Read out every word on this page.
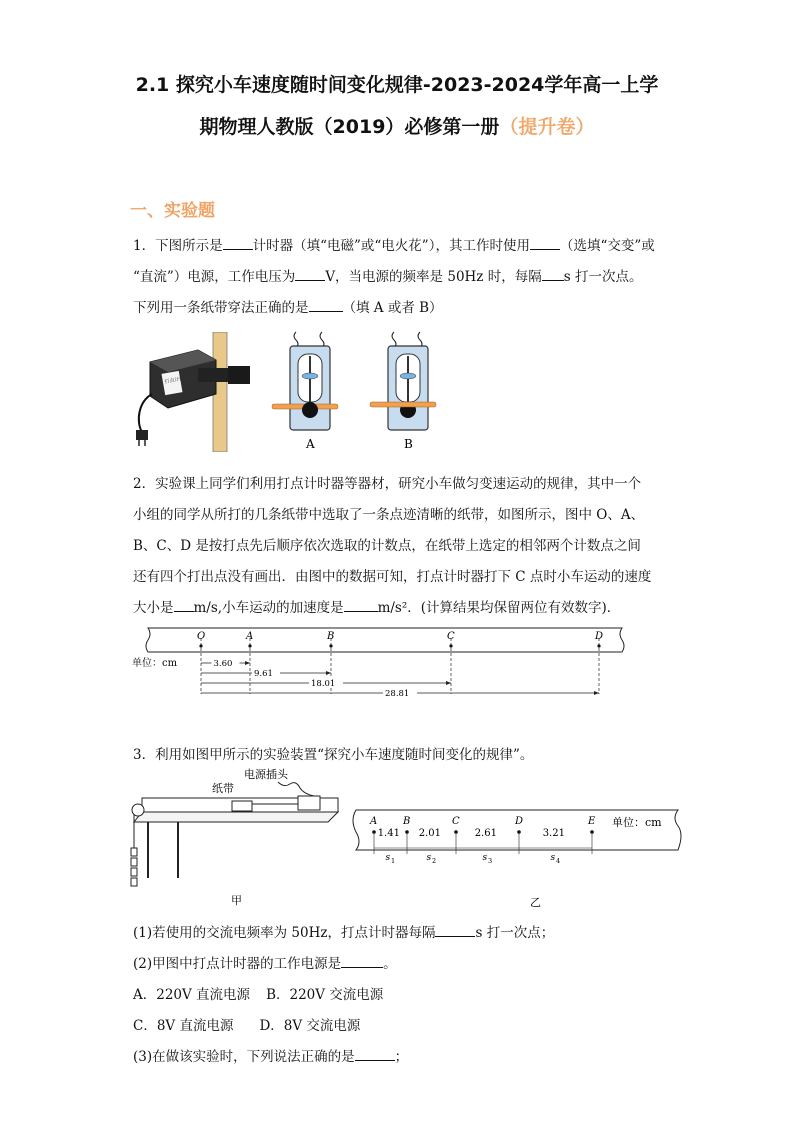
2.1 探究小车速度随时间变化规律-2023-2024学年高一上学
期物理人教版（2019）必修第一册（提升卷）
一、实验题
1．下图所示是 计时器（填“电磁”或“电火花”），其工作时使用 （选填“交变”或
“直流”）电源，工作电压为 V，当电源的频率是 50Hz 时，每隔 s 打一次点。
下列用一条纸带穿法正确的是	（填 A 或者 B）
打点计时器
A	B
2．实验课上同学们利用打点计时器等器材，研究小车做匀变速运动的规律，其中一个
小组的同学从所打的几条纸带中选取了一条点迹清晰的纸带，如图所示，图中 O、A、
B、C、D 是按打点先后顺序依次选取的计数点，在纸带上选定的相邻两个计数点之间
还有四个打出点没有画出．由图中的数据可知，打点计时器打下 C 点时小车运动的速度
大小是 m/s,小车运动的加速度是	m/s²．(计算结果均保留两位有效数字)．
单位：cm
O	A	B	C	D
3.60
9.61
18.01
28.81
3．利用如图甲所示的实验装置“探究小车速度随时间变化的规律”。
电源插头
纸带
甲
单位：cm
A	B	C	D	E
1.41
s 1
2.01
s 2
2.61
s 3
3.21
s 4
乙
(1)若使用的交流电频率为 50Hz，打点计时器每隔	s 打一次点；
(2)甲图中打点计时器的工作电源是	。
A．220V 直流电源 B．220V 交流电源
C．8V 直流电源 D．8V 交流电源
(3)在做该实验时，下列说法正确的是	；
